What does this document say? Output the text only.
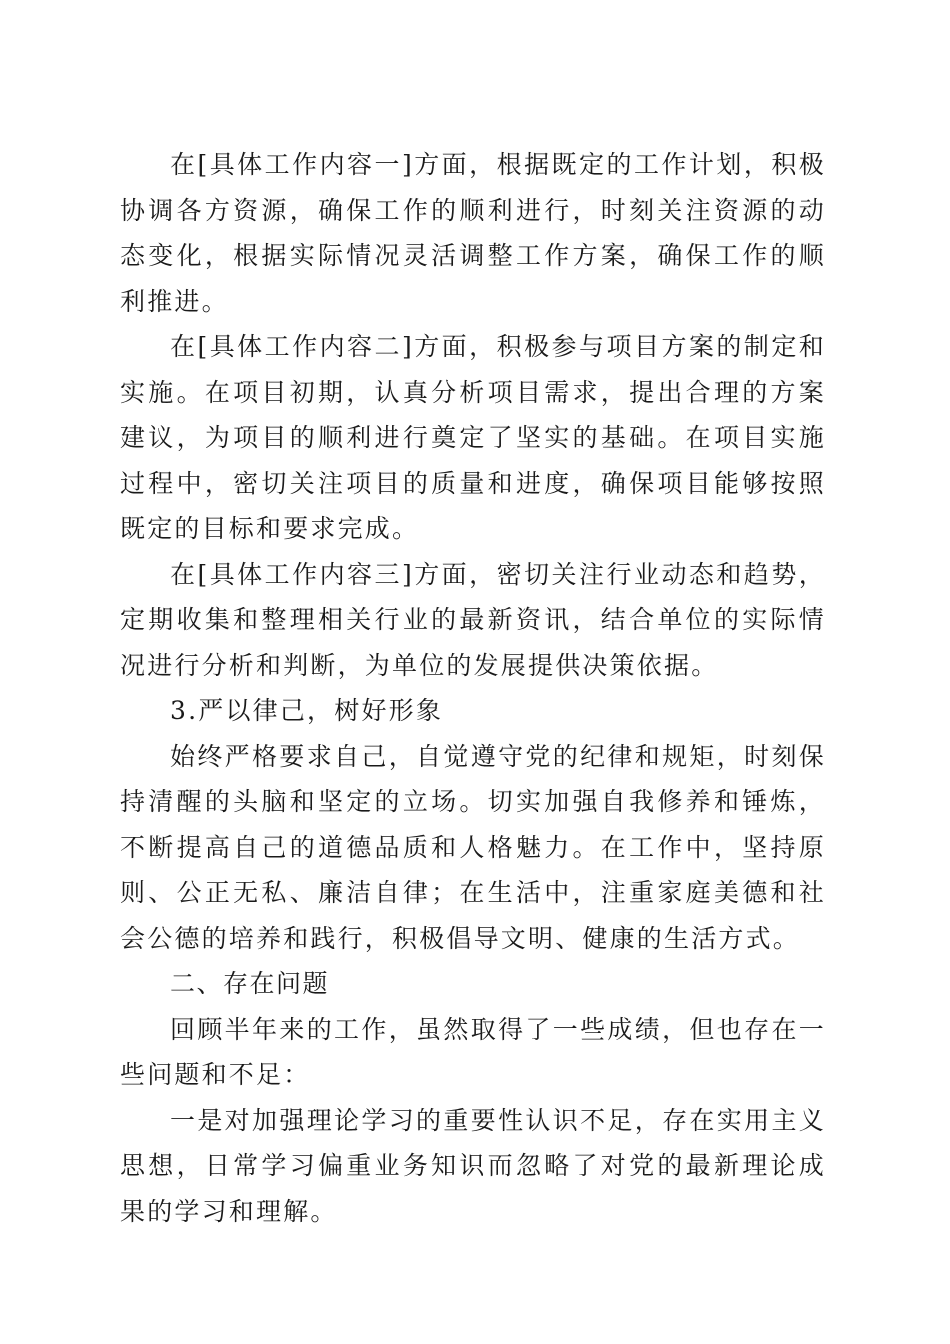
在[具体工作内容一]方面，根据既定的工作计划，积极协调各方资源，确保工作的顺利进行，时刻关注资源的动态变化，根据实际情况灵活调整工作方案，确保工作的顺利推进。

在[具体工作内容二]方面，积极参与项目方案的制定和实施。在项目初期，认真分析项目需求，提出合理的方案建议，为项目的顺利进行奠定了坚实的基础。在项目实施过程中，密切关注项目的质量和进度，确保项目能够按照既定的目标和要求完成。

在[具体工作内容三]方面，密切关注行业动态和趋势，定期收集和整理相关行业的最新资讯，结合单位的实际情况进行分析和判断，为单位的发展提供决策依据。

3.严以律己，树好形象

始终严格要求自己，自觉遵守党的纪律和规矩，时刻保持清醒的头脑和坚定的立场。切实加强自我修养和锤炼，不断提高自己的道德品质和人格魅力。在工作中，坚持原则、公正无私、廉洁自律；在生活中，注重家庭美德和社会公德的培养和践行，积极倡导文明、健康的生活方式。

二、存在问题

回顾半年来的工作，虽然取得了一些成绩，但也存在一些问题和不足：

一是对加强理论学习的重要性认识不足，存在实用主义思想，日常学习偏重业务知识而忽略了对党的最新理论成果的学习和理解。
